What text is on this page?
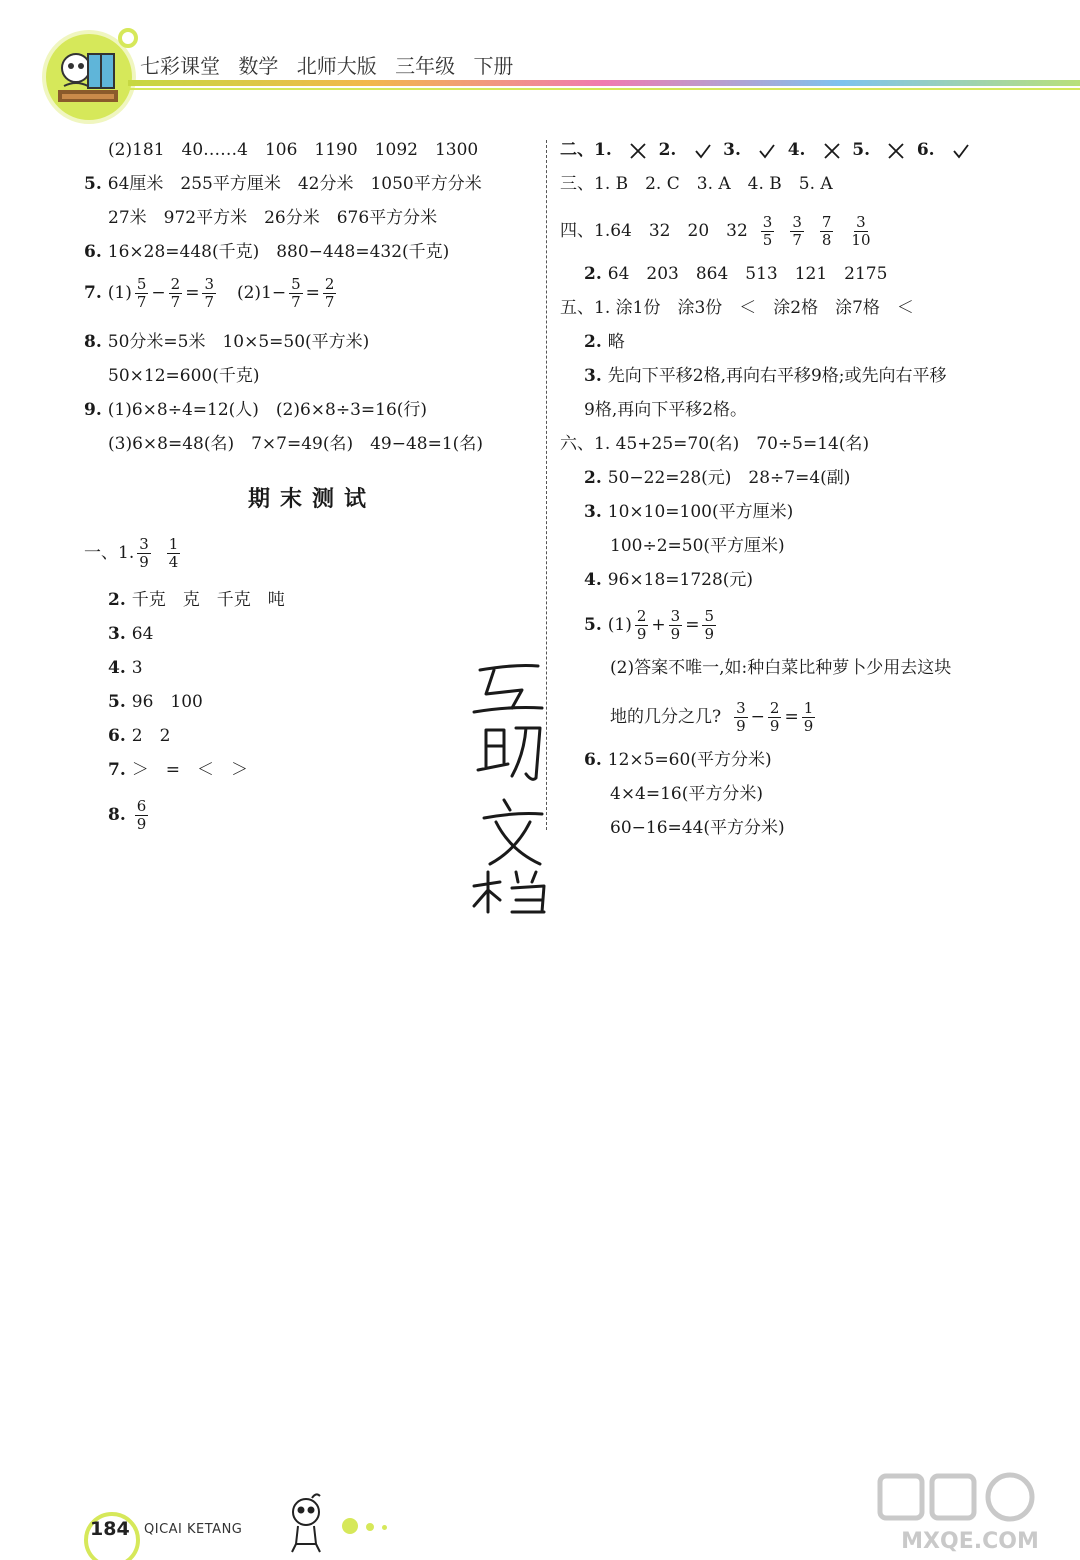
七彩课堂 数学 北师大版 三年级 下册
(2)181　40……4　106　1190　1092　1300
5. 64厘米　255平方厘米　42分米　1050平方分米
27米　972平方米　26分米　676平方分米
6. 16×28=448(千克)　880−448=432(千克)
7. $(1) \frac{5}{7} - \frac{2}{7} = \frac{3}{7} (2)1- \frac{5}{7} = \frac{2}{7}$
8. 50分米=5米　10×5=50(平方米)
50×12=600(千克)
9. (1)6×8÷4=12(人)　(2)6×8÷3=16(行)
(3)6×8=48(名)　7×7=49(名)　49−48=1(名)
期末测试
一、1. $\frac{3}{9} \frac{1}{4}$
2. 千克　克　千克　吨
3. 64
4. 3
5. 96　100
6. 2　2
7. ＞　=　＜　＞
8. $\frac{6}{9}$
二、1.	2.	3.	4.	5.	6.
三、1. B　2. C　3. A　4. B　5. A
四、1.64　32　20　$32 \frac{3}{5} \frac{3}{7} \frac{7}{8} \frac{3}{10}$
2. 64　203　864　513　121　2175
五、1. 涂1份　涂3份　＜　涂2格　涂7格　＜
2. 略
3. 先向下平移2格,再向右平移9格;或先向右平移
9格,再向下平移2格。
六、1. 45+25=70(名)　70÷5=14(名)
2. 50−22=28(元)　28÷7=4(副)
3. 10×10=100(平方厘米)
100÷2=50(平方厘米)
4. 96×18=1728(元)
5. $(1) \frac{2}{9} + \frac{3}{9} = \frac{5}{9}$
(2)答案不唯一,如:种白菜比种萝卜少用去这块
地的几分之几? $\frac{3}{9} - \frac{2}{9} = \frac{1}{9}$
6. 12×5=60(平方分米)
4×4=16(平方分米)
60−16=44(平方分米)
184 QICAI KETANG	MXQE.COM
